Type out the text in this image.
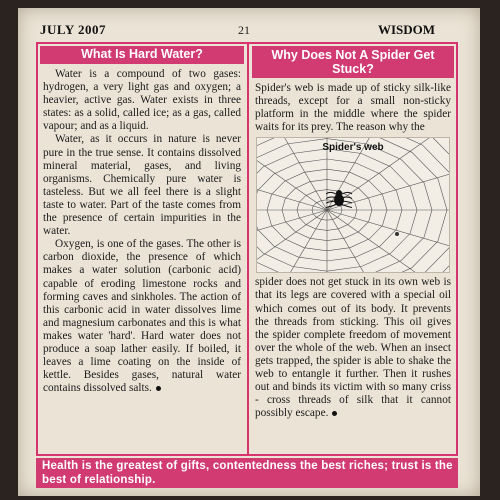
JULY 2007	21	WISDOM
What Is Hard Water?

Water is a compound of two gases: hydrogen, a very light gas and oxygen; a heavier, active gas. Water exists in three states: as a solid, called ice; as a gas, called vapour; and as a liquid.

Water, as it occurs in nature is never pure in the true sense. It contains dissolved mineral material, gases, and living organisms. Chemically pure water is tasteless. But we all feel there is a slight taste to water. Part of the taste comes from the presence of certain impurities in the water.

Oxygen, is one of the gases. The other is carbon dioxide, the presence of which makes a water solution (carbonic acid) capable of eroding limestone rocks and forming caves and sinkholes. The action of this carbonic acid in water dissolves lime and magnesium carbonates and this is what makes water 'hard'. Hard water does not produce a soap lather easily. If boiled, it leaves a lime coating on the inside of kettle. Besides gases, natural water contains dissolved salts.

Why Does Not A Spider Get Stuck?

Spider's web is made up of sticky silk-like threads, except for a small non-sticky platform in the middle where the spider waits for its prey. The reason why the

Spider's web

spider does not get stuck in its own web is that its legs are covered with a special oil which comes out of its body. It prevents the threads from sticking. This oil gives the spider complete freedom of movement over the whole of the web. When an insect gets trapped, the spider is able to shake the web to entangle it further. Then it rushes out and binds its victim with so many criss - cross threads of silk that it cannot possibly escape.

Health is the greatest of gifts, contentedness the best riches; trust is the best of relationship.
